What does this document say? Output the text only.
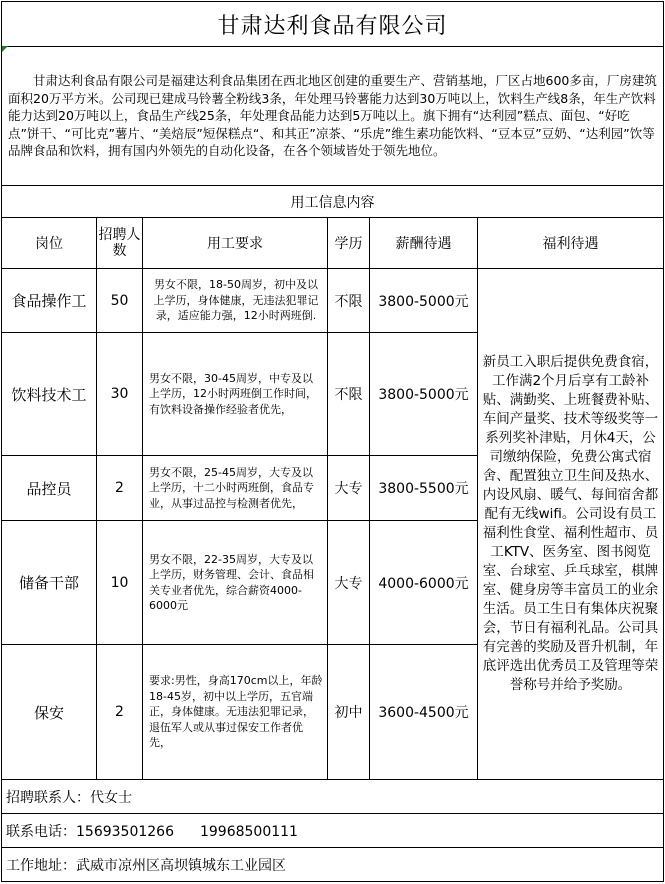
甘肃达利食品有限公司					

甘肃达利食品有限公司是福建达利食品集团在西北地区创建的重要生产、营销基地，厂区占地600多亩，厂房建筑面积20万平方米。公司现已建成马铃薯全粉线3条，年处理马铃薯能力达到30万吨以上，饮料生产线8条，年生产饮料能力达到20万吨以上，食品生产线25条，年处理食品能力达到5万吨以上。旗下拥有“达利园”糕点、面包、“好吃点”饼干、“可比克”薯片、“美焙辰”短保糕点“、和其正”凉茶、“乐虎”维生素功能饮料、“豆本豆”豆奶、“达利园”饮等品牌食品和饮料，拥有国内外领先的自动化设备，在各个领域皆处于领先地位。					

用工信息内容					
岗位	招聘人数	用工要求	学历	薪酬待遇	福利待遇
食品操作工	50	男女不限，18-50周岁，初中及以上学历，身体健康，无违法犯罪记录，适应能力强，12小时两班倒.	不限	3800-5000元	新员工入职后提供免费食宿，工作满2个月后享有工龄补贴、满勤奖、上班餐费补贴、车间产量奖、技术等级奖等一系列奖补津贴，月休4天，公司缴纳保险，免费公寓式宿舍、配置独立卫生间及热水、内设风扇、暖气、每间宿舍都配有无线wifi。公司设有员工福利性食堂、福利性超市、员工KTV、医务室、图书阅览室、台球室、乒乓球室，棋牌室、健身房等丰富员工的业余生活。员工生日有集体庆祝聚会，节日有福利礼品。公司具有完善的奖励及晋升机制，年底评选出优秀员工及管理等荣誉称号并给予奖励。
饮料技术工	30	男女不限，30-45周岁，中专及以上学历，12小时两班倒工作时间，有饮料设备操作经验者优先，	不限	3800-5000元	
品控员	2	男女不限，25-45周岁，大专及以上学历，十二小时两班倒，食品专业，从事过品控与检测者优先，	大专	3800-5500元	
储备干部	10	男女不限，22-35周岁，大专及以上学历，财务管理、会计、食品相关专业者优先，综合薪资4000-6000元	大专	4000-6000元	
保安	2	要求:男性，身高170cm以上，年龄18-45岁，初中以上学历，五官端正，身体健康。无违法犯罪记录，退伍军人或从事过保安工作者优先，	初中	3600-4500元	
招聘联系人：代女士					
联系电话：15693501266 19968500111					
工作地址：武威市凉州区高坝镇城东工业园区					
